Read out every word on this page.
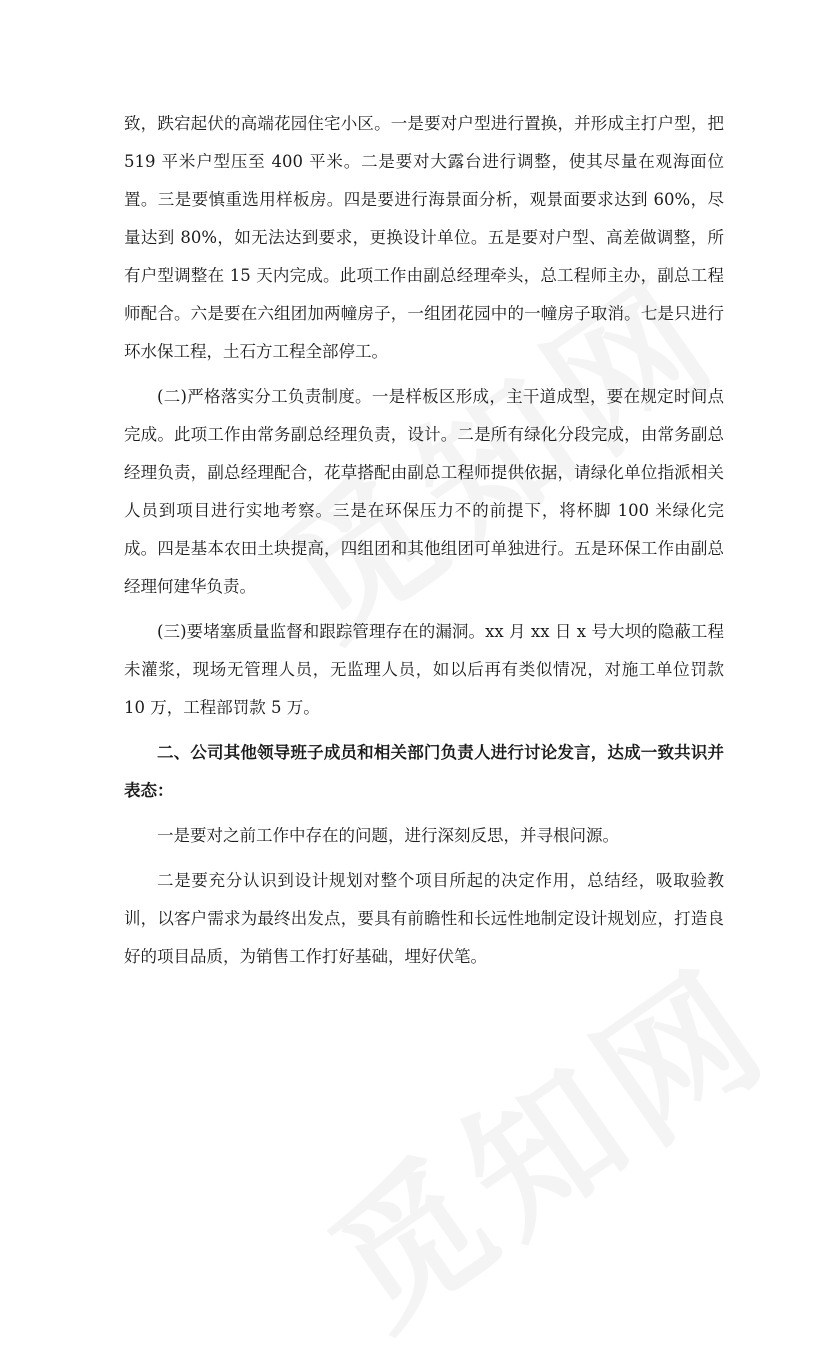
致，跌宕起伏的高端花园住宅小区。一是要对户型进行置换，并形成主打户型，把 519 平米户型压至 400 平米。二是要对大露台进行调整，使其尽量在观海面位置。三是要慎重选用样板房。四是要进行海景面分析，观景面要求达到 60%，尽量达到 80%，如无法达到要求，更换设计单位。五是要对户型、高差做调整，所有户型调整在 15 天内完成。此项工作由副总经理牵头，总工程师主办，副总工程师配合。六是要在六组团加两幢房子，一组团花园中的一幢房子取消。七是只进行环水保工程，土石方工程全部停工。

(二)严格落实分工负责制度。一是样板区形成，主干道成型，要在规定时间点完成。此项工作由常务副总经理负责，设计。二是所有绿化分段完成，由常务副总经理负责，副总经理配合，花草搭配由副总工程师提供依据，请绿化单位指派相关人员到项目进行实地考察。三是在环保压力不的前提下，将杯脚 100 米绿化完成。四是基本农田土块提高，四组团和其他组团可单独进行。五是环保工作由副总经理何建华负责。

(三)要堵塞质量监督和跟踪管理存在的漏洞。xx 月 xx 日 x 号大坝的隐蔽工程未灌浆，现场无管理人员，无监理人员，如以后再有类似情况，对施工单位罚款 10 万，工程部罚款 5 万。

二、公司其他领导班子成员和相关部门负责人进行讨论发言，达成一致共识并表态：

一是要对之前工作中存在的问题，进行深刻反思，并寻根问源。

二是要充分认识到设计规划对整个项目所起的决定作用，总结经，吸取验教训，以客户需求为最终出发点，要具有前瞻性和长远性地制定设计规划应，打造良好的项目品质，为销售工作打好基础，埋好伏笔。
